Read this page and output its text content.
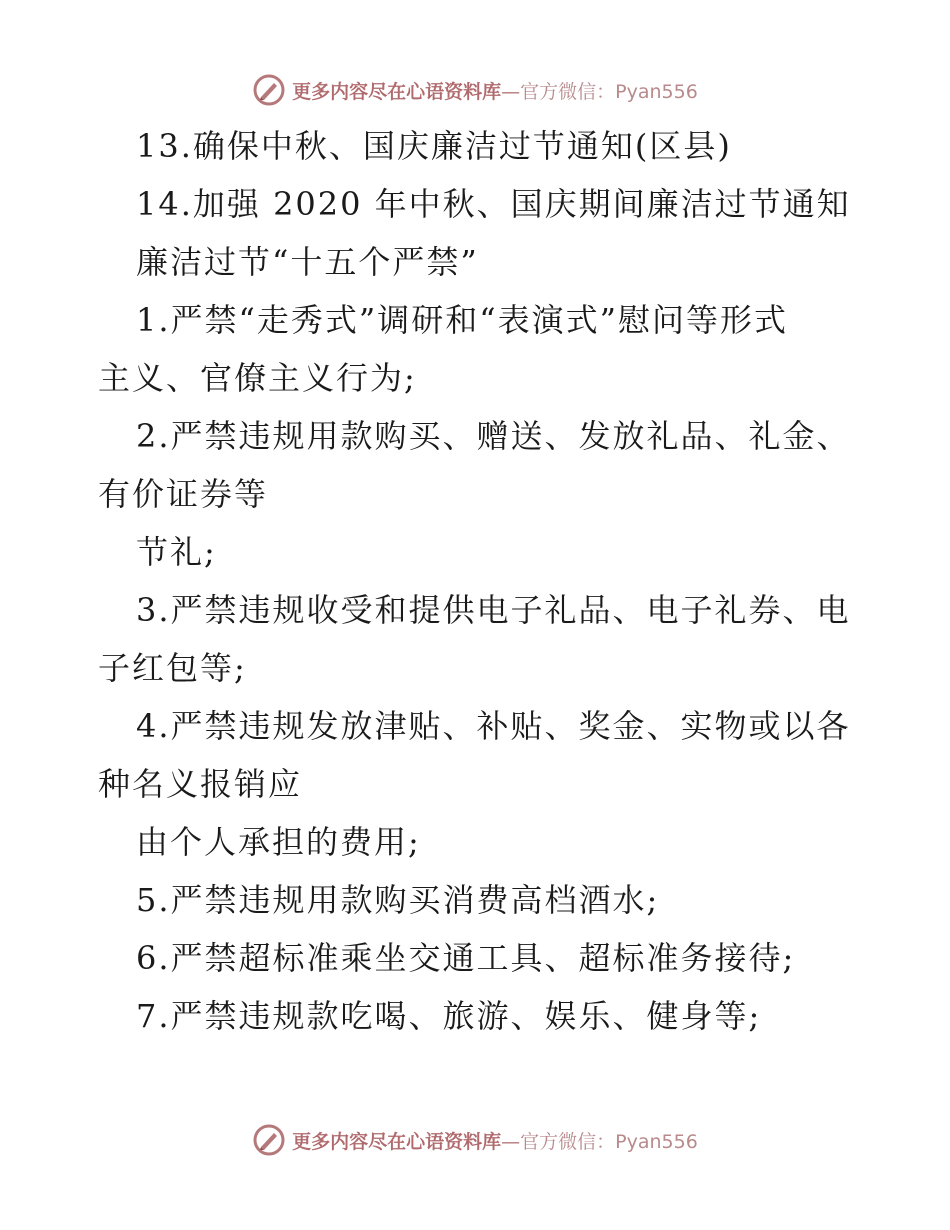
更多内容尽在心语资料库—官方微信：Pyan556
13.确保中秋、国庆廉洁过节通知(区县)
14.加强 2020 年中秋、国庆期间廉洁过节通知
廉洁过节“十五个严禁”
1.严禁“走秀式”调研和“表演式”慰问等形式
主义、官僚主义行为;
2.严禁违规用款购买、赠送、发放礼品、礼金、
有价证券等
节礼;
3.严禁违规收受和提供电子礼品、电子礼券、电
子红包等;
4.严禁违规发放津贴、补贴、奖金、实物或以各
种名义报销应
由个人承担的费用;
5.严禁违规用款购买消费高档酒水;
6.严禁超标准乘坐交通工具、超标准务接待;
7.严禁违规款吃喝、旅游、娱乐、健身等;
更多内容尽在心语资料库—官方微信：Pyan556
